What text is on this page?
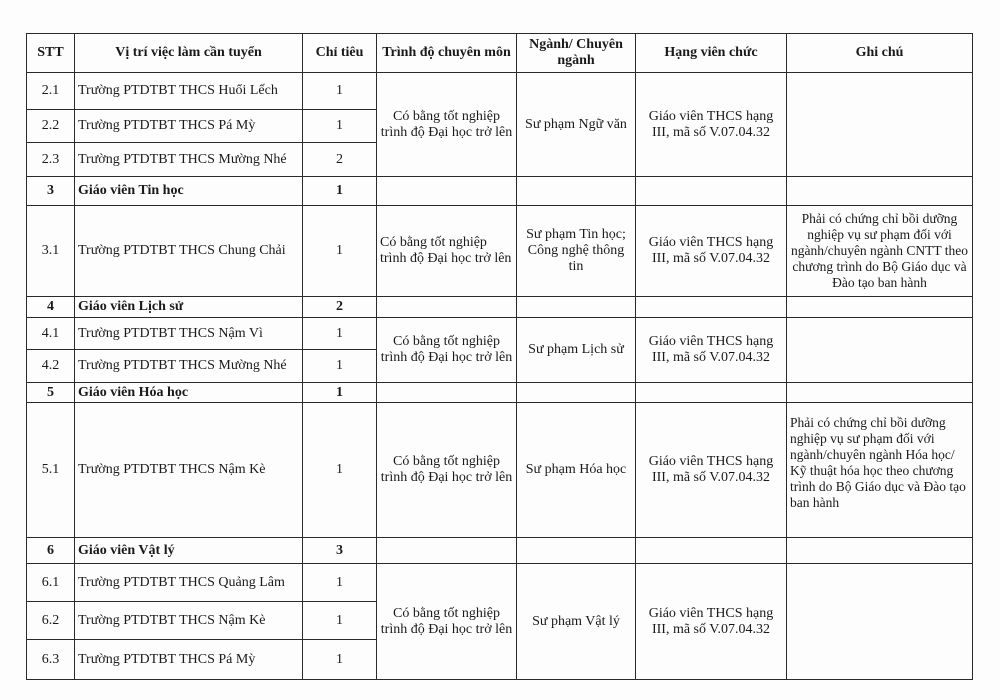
STT	Vị trí việc làm cần tuyển	Chỉ tiêu	Trình độ chuyên môn	Ngành/ Chuyên ngành	Hạng viên chức	Ghi chú
2.1	Trường PTDTBT THCS Huổi Lếch	1	Có bằng tốt nghiệp trình độ Đại học trở lên	Sư phạm Ngữ văn	Giáo viên THCS hạng III, mã số V.07.04.32	
2.2	Trường PTDTBT THCS Pá Mỳ	1				
2.3	Trường PTDTBT THCS Mường Nhé	2				
3	Giáo viên Tin học	1				
3.1	Trường PTDTBT THCS Chung Chải	1	Có bằng tốt nghiệp trình độ Đại học trở lên	Sư phạm Tin học; Công nghệ thông tin	Giáo viên THCS hạng III, mã số V.07.04.32	Phải có chứng chỉ bồi dưỡng nghiệp vụ sư phạm đối với ngành/chuyên ngành CNTT theo chương trình do Bộ Giáo dục và Đào tạo ban hành

4	Giáo viên Lịch sử	2				
4.1	Trường PTDTBT THCS Nậm Vì	1	Có bằng tốt nghiệp trình độ Đại học trở lên	Sư phạm Lịch sử	Giáo viên THCS hạng III, mã số V.07.04.32	
4.2	Trường PTDTBT THCS Mường Nhé	1				
5	Giáo viên Hóa học	1				
5.1	Trường PTDTBT THCS Nậm Kè	1	Có bằng tốt nghiệp trình độ Đại học trở lên	Sư phạm Hóa học	Giáo viên THCS hạng III, mã số V.07.04.32	Phải có chứng chỉ bồi dưỡng nghiệp vụ sư phạm đối với ngành/chuyên ngành Hóa học/ Kỹ thuật hóa học theo chương trình do Bộ Giáo dục và Đào tạo ban hành
6	Giáo viên Vật lý	3				
6.1	Trường PTDTBT THCS Quảng Lâm	1	Có bằng tốt nghiệp trình độ Đại học trở lên	Sư phạm Vật lý	Giáo viên THCS hạng III, mã số V.07.04.32	
6.2	Trường PTDTBT THCS Nậm Kè	1				
6.3	Trường PTDTBT THCS Pá Mỳ	1				
